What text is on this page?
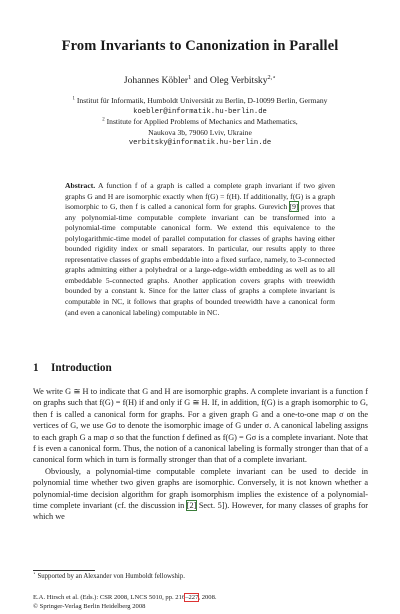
From Invariants to Canonization in Parallel
Johannes Köbler$^1$ and Oleg Verbitsky$^{2,⋆}$
$^1$ Institut für Informatik, Humboldt Universität zu Berlin, D-10099 Berlin, Germany
koebler@informatik.hu-berlin.de
$^2$ Institute for Applied Problems of Mechanics and Mathematics,
Naukova 3b, 79060 Lviv, Ukraine
verbitsky@informatik.hu-berlin.de
Abstract. A function f of a graph is called a complete graph invariant if two given graphs G and H are isomorphic exactly when f(G) = f(H). If additionally, f(G) is a graph isomorphic to G, then f is called a canonical form for graphs. Gurevich [9] proves that any polynomial-time computable complete invariant can be transformed into a polynomial-time computable canonical form. We extend this equivalence to the polylogarithmic-time model of parallel computation for classes of graphs having either bounded rigidity index or small separators. In particular, our results apply to three representative classes of graphs embeddable into a fixed surface, namely, to 3-connected graphs admitting either a polyhedral or a large-edge-width embedding as well as to all embeddable 5-connected graphs. Another application covers graphs with treewidth bounded by a constant k. Since for the latter class of graphs a complete invariant is computable in NC, it follows that graphs of bounded treewidth have a canonical form (and even a canonical labeling) computable in NC.
1 Introduction

We write G ≅ H to indicate that G and H are isomorphic graphs. A complete invariant is a function f on graphs such that f(G) = f(H) if and only if G ≅ H. If, in addition, f(G) is a graph isomorphic to G, then f is called a canonical form for graphs. For a given graph G and a one-to-one map σ on the vertices of G, we use Gσ to denote the isomorphic image of G under σ. A canonical labeling assigns to each graph G a map σ so that the function f defined as f(G) = Gσ is a complete invariant. Note that f is even a canonical form. Thus, the notion of a canonical labeling is formally stronger than that of a canonical form which in turn is formally stronger than that of a complete invariant.

Obviously, a polynomial-time computable complete invariant can be used to decide in polynomial time whether two given graphs are isomorphic. Conversely, it is not known whether a polynomial-time decision algorithm for graph isomorphism implies the existence of a polynomial-time complete invariant (cf. the discussion in [2] Sect. 5]). However, for many classes of graphs for which we

⋆ Supported by an Alexander von Humboldt fellowship.
E.A. Hirsch et al. (Eds.): CSR 2008, LNCS 5010, pp. 216–227, 2008.
© Springer-Verlag Berlin Heidelberg 2008
